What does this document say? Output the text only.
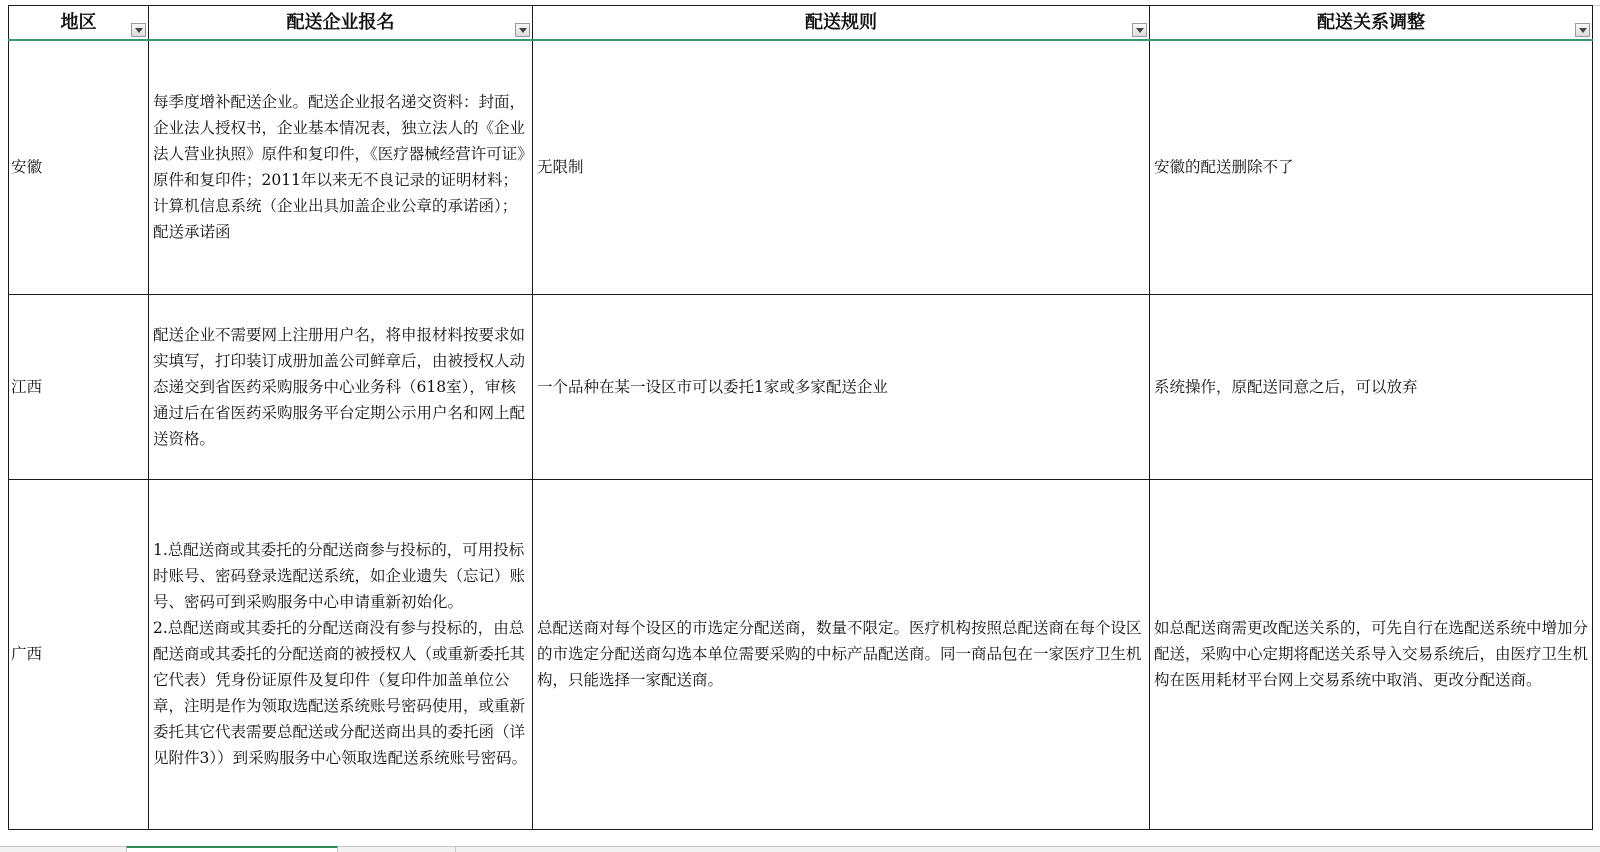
地区	配送企业报名	配送规则	配送关系调整

安徽	每季度增补配送企业。配送企业报名递交资料：封面，企业法人授权书，企业基本情况表，独立法人的《企业法人营业执照》原件和复印件，《医疗器械经营许可证》原件和复印件；2011年以来无不良记录的证明材料；计算机信息系统（企业出具加盖企业公章的承诺函）；配送承诺函	无限制	安徽的配送删除不了

江西	配送企业不需要网上注册用户名，将申报材料按要求如实填写，打印装订成册加盖公司鲜章后，由被授权人动态递交到省医药采购服务中心业务科（618室），审核通过后在省医药采购服务平台定期公示用户名和网上配送资格。	一个品种在某一设区市可以委托1家或多家配送企业	系统操作，原配送同意之后，可以放弃

广西	1.总配送商或其委托的分配送商参与投标的，可用投标时账号、密码登录选配送系统，如企业遗失（忘记）账号、密码可到采购服务中心申请重新初始化。
2.总配送商或其委托的分配送商没有参与投标的，由总配送商或其委托的分配送商的被授权人（或重新委托其它代表）凭身份证原件及复印件（复印件加盖单位公章，注明是作为领取选配送系统账号密码使用，或重新委托其它代表需要总配送或分配送商出具的委托函（详见附件3））到采购服务中心领取选配送系统账号密码。	总配送商对每个设区的市选定分配送商，数量不限定。医疗机构按照总配送商在每个设区的市选定分配送商勾选本单位需要采购的中标产品配送商。同一商品包在一家医疗卫生机构，只能选择一家配送商。	如总配送商需更改配送关系的，可先自行在选配送系统中增加分配送，采购中心定期将配送关系导入交易系统后，由医疗卫生机构在医用耗材平台网上交易系统中取消、更改分配送商。
